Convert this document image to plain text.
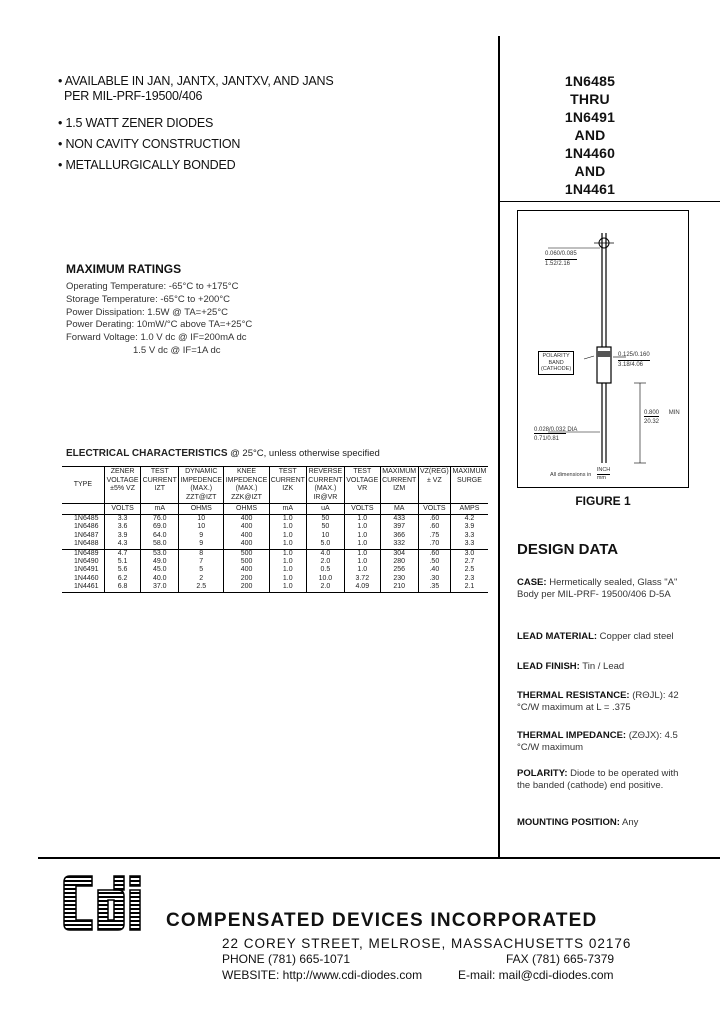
• AVAILABLE IN JAN, JANTX, JANTXV, AND JANS
PER MIL-PRF-19500/406
• 1.5 WATT ZENER DIODES
• NON CAVITY CONSTRUCTION
• METALLURGICALLY BONDED
1N6485
THRU
1N6491
AND
1N4460
AND
1N4461
MAXIMUM RATINGS
Operating Temperature: -65°C to +175°C
Storage Temperature: -65°C to +200°C
Power Dissipation: 1.5W @ TA=+25°C
Power Derating: 10mW/°C above TA=+25°C
Forward Voltage: 1.0 V dc @ IF=200mA dc
1.5 V dc @ IF=1A dc
ELECTRICAL CHARACTERISTICS @ 25°C, unless otherwise specified
TYPE	ZENER VOLTAGE ±5% VZ	TEST CURRENT IZT	DYNAMIC IMPEDENCE (MAX.) ZZT@IZT	KNEE IMPEDENCE (MAX.) ZZK@IZT	TEST CURRENT IZK	REVERSE CURRENT (MAX.) IR@VR	TEST VOLTAGE VR	MAXIMUM CURRENT IZM	VZ(REG) ± VZ	MAXIMUM SURGE
	VOLTS	mA	OHMS	OHMS	mA	uA	VOLTS	MA	VOLTS	AMPS
1N6485	3.3	76.0	10	400	1.0	50	1.0	433	.60	4.2
1N6486	3.6	69.0	10	400	1.0	50	1.0	397	.60	3.9
1N6487	3.9	64.0	9	400	1.0	10	1.0	366	.75	3.3
1N6488	4.3	58.0	9	400	1.0	5.0	1.0	332	.70	3.3
1N6489	4.7	53.0	8	500	1.0	4.0	1.0	304	.60	3.0
1N6490	5.1	49.0	7	500	1.0	2.0	1.0	280	.50	2.7
1N6491	5.6	45.0	5	400	1.0	0.5	1.0	256	.40	2.5
1N4460	6.2	40.0	2	200	1.0	10.0	3.72	230	.30	2.3
1N4461	6.8	37.0	2.5	200	1.0	2.0	4.09	210	.35	2.1
0.060/0.085
1.52/2.16
POLARITY
BAND
(CATHODE)
0.125/0.160
3.18/4.06
0.800 MIN
20.32
0.028/0.032 DIA
0.71/0.81
All dimensions in
INCH
mm
FIGURE 1
DESIGN DATA
CASE: Hermetically sealed, Glass "A" Body per MIL-PRF- 19500/406 D-5A
LEAD MATERIAL: Copper clad steel
LEAD FINISH: Tin / Lead
THERMAL RESISTANCE: (RΘJL): 42 °C/W maximum at L = .375
THERMAL IMPEDANCE: (ZΘJX): 4.5 °C/W maximum
POLARITY: Diode to be operated with the banded (cathode) end positive.
MOUNTING POSITION: Any
COMPENSATED DEVICES INCORPORATED
22 COREY STREET, MELROSE, MASSACHUSETTS 02176
PHONE (781) 665-1071	FAX (781) 665-7379
WEBSITE: http://www.cdi-diodes.com	E-mail: mail@cdi-diodes.com
